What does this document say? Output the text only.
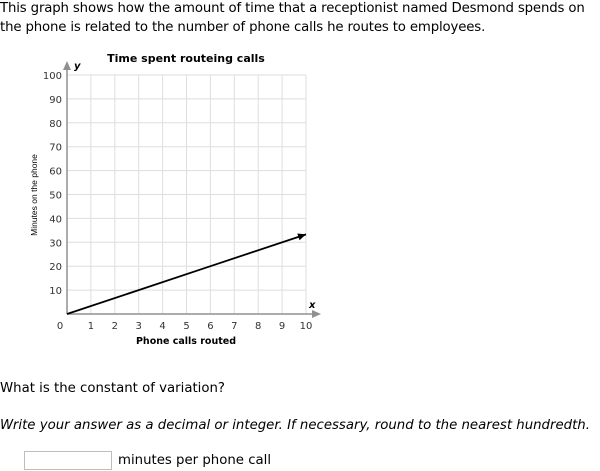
This graph shows how the amount of time that a receptionist named Desmond spends on the phone is related to the number of phone calls he routes to employees.
0 1 2 3 4 5 6 7 8 9 10
10
20
30
40
50
60
70
80
90
100
y
x
Time spent routeing calls
Phone calls routed
Minutes on the phone
What is the constant of variation?
Write your answer as a decimal or integer. If necessary, round to the nearest hundredth.
minutes per phone call
